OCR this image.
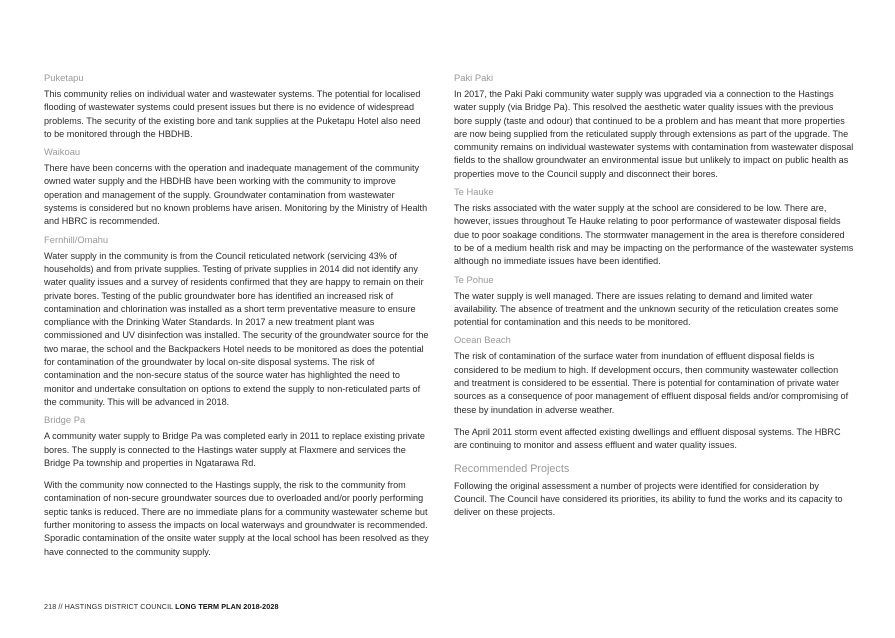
Puketapu

This community relies on individual water and wastewater systems. The potential for localised flooding of wastewater systems could present issues but there is no evidence of widespread problems. The security of the existing bore and tank supplies at the Puketapu Hotel also need to be monitored through the HBDHB.

Waikoau

There have been concerns with the operation and inadequate management of the community owned water supply and the HBDHB have been working with the community to improve operation and management of the supply. Groundwater contamination from wastewater systems is considered but no known problems have arisen. Monitoring by the Ministry of Health and HBRC is recommended.

Fernhill/Omahu

Water supply in the community is from the Council reticulated network (servicing 43% of households) and from private supplies. Testing of private supplies in 2014 did not identify any water quality issues and a survey of residents confirmed that they are happy to remain on their private bores. Testing of the public groundwater bore has identified an increased risk of contamination and chlorination was installed as a short term preventative measure to ensure compliance with the Drinking Water Standards. In 2017 a new treatment plant was commissioned and UV disinfection was installed. The security of the groundwater source for the two marae, the school and the Backpackers Hotel needs to be monitored as does the potential for contamination of the groundwater by local on-site disposal systems. The risk of contamination and the non-secure status of the source water has highlighted the need to monitor and undertake consultation on options to extend the supply to non-reticulated parts of the community. This will be advanced in 2018.

Bridge Pa

A community water supply to Bridge Pa was completed early in 2011 to replace existing private bores. The supply is connected to the Hastings water supply at Flaxmere and services the Bridge Pa township and properties in Ngatarawa Rd.

With the community now connected to the Hastings supply, the risk to the community from contamination of non-secure groundwater sources due to overloaded and/or poorly performing septic tanks is reduced. There are no immediate plans for a community wastewater scheme but further monitoring to assess the impacts on local waterways and groundwater is recommended. Sporadic contamination of the onsite water supply at the local school has been resolved as they have connected to the community supply.

Paki Paki

In 2017, the Paki Paki community water supply was upgraded via a connection to the Hastings water supply (via Bridge Pa). This resolved the aesthetic water quality issues with the previous bore supply (taste and odour) that continued to be a problem and has meant that more properties are now being supplied from the reticulated supply through extensions as part of the upgrade. The community remains on individual wastewater systems with contamination from wastewater disposal fields to the shallow groundwater an environmental issue but unlikely to impact on public health as properties move to the Council supply and disconnect their bores.

Te Hauke

The risks associated with the water supply at the school are considered to be low. There are, however, issues throughout Te Hauke relating to poor performance of wastewater disposal fields due to poor soakage conditions. The stormwater management in the area is therefore considered to be of a medium health risk and may be impacting on the performance of the wastewater systems although no immediate issues have been identified.

Te Pohue

The water supply is well managed. There are issues relating to demand and limited water availability. The absence of treatment and the unknown security of the reticulation creates some potential for contamination and this needs to be monitored.

Ocean Beach

The risk of contamination of the surface water from inundation of effluent disposal fields is considered to be medium to high. If development occurs, then community wastewater collection and treatment is considered to be essential. There is potential for contamination of private water sources as a consequence of poor management of effluent disposal fields and/or compromising of these by inundation in adverse weather.

The April 2011 storm event affected existing dwellings and effluent disposal systems. The HBRC are continuing to monitor and assess effluent and water quality issues.

Recommended Projects

Following the original assessment a number of projects were identified for consideration by Council. The Council have considered its priorities, its ability to fund the works and its capacity to deliver on these projects.

218 // HASTINGS DISTRICT COUNCIL LONG TERM PLAN 2018-2028
